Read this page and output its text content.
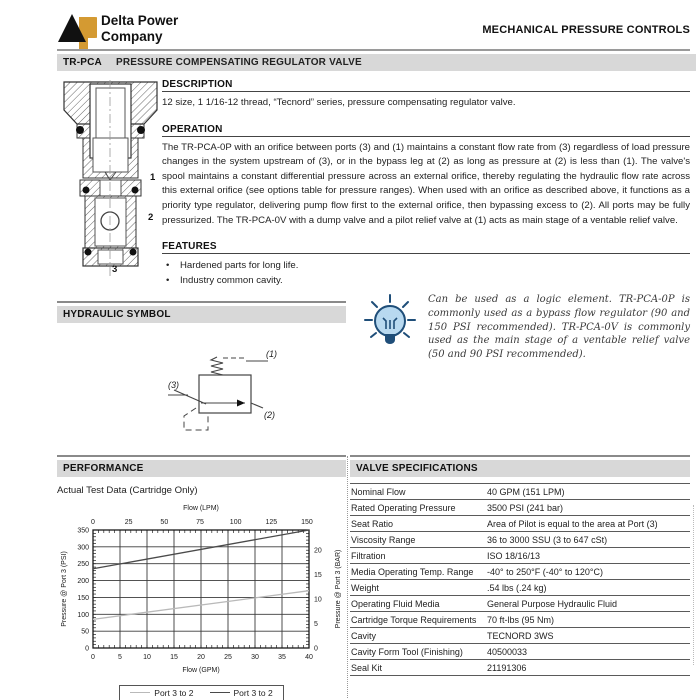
Delta Power
Company	MECHANICAL PRESSURE CONTROLS
TR-PCA PRESSURE COMPENSATING REGULATOR VALVE
1
2
3
DESCRIPTION

12 size, 1 1/16-12 thread, “Tecnord” series, pressure compensating regulator valve.

OPERATION

The TR-PCA-0P with an orifice between ports (3) and (1) maintains a constant flow rate from (3) regardless of load pressure changes in the system upstream of (3), or in the bypass leg at (2) as long as pressure at (2) is less than (1). The valve's spool maintains a constant differential pressure across an external orifice, thereby regulating the hydraulic flow rate across this external orifice (see options table for pressure ranges). When used with an orifice as described above, it functions as a priority type regulator, delivering pump flow first to the external orifice, then bypassing excess to (2). All ports may be fully pressurized. The TR-PCA-0V with a dump valve and a pilot relief valve at (1) acts as main stage of a ventable relief valve.

FEATURES
•	Hardened parts for long life.
•	Industry common cavity.
HYDRAULIC SYMBOL
(1)
(3)
(2)
Can be used as a logic element. TR-PCA-0P is commonly used as a bypass flow regulator (90 and 150 PSI recommended). TR-PCA-0V is commonly used as the main stage of a ventable relief valve (50 and 90 PSI recommended).
PERFORMANCE
Actual Test Data (Cartridge Only)
0	25	50	75	100	125	150
0	5	10	15	20	25	30	35	40
0
50
100
150
200
250
300
350
0
5
10
15
20
Flow (LPM)
Flow (GPM)
Pressure @ Port 3 (PSI)	Pressure @ Port 3 (BAR)
Port 3 to 2	Port 3 to 2
VALVE SPECIFICATIONS
Nominal Flow	40 GPM (151 LPM)
Rated Operating Pressure	3500 PSI (241 bar)
Seat Ratio	Area of Pilot is equal to the area at Port (3)
Viscosity Range	36 to 3000 SSU (3 to 647 cSt)
Filtration	ISO 18/16/13
Media Operating Temp. Range	-40° to 250°F (-40° to 120°C)
Weight	.54 lbs (.24 kg)
Operating Fluid Media	General Purpose Hydraulic Fluid
Cartridge Torque Requirements	70 ft-lbs (95 Nm)
Cavity	TECNORD 3WS
Cavity Form Tool (Finishing)	40500033
Seal Kit	21191306
